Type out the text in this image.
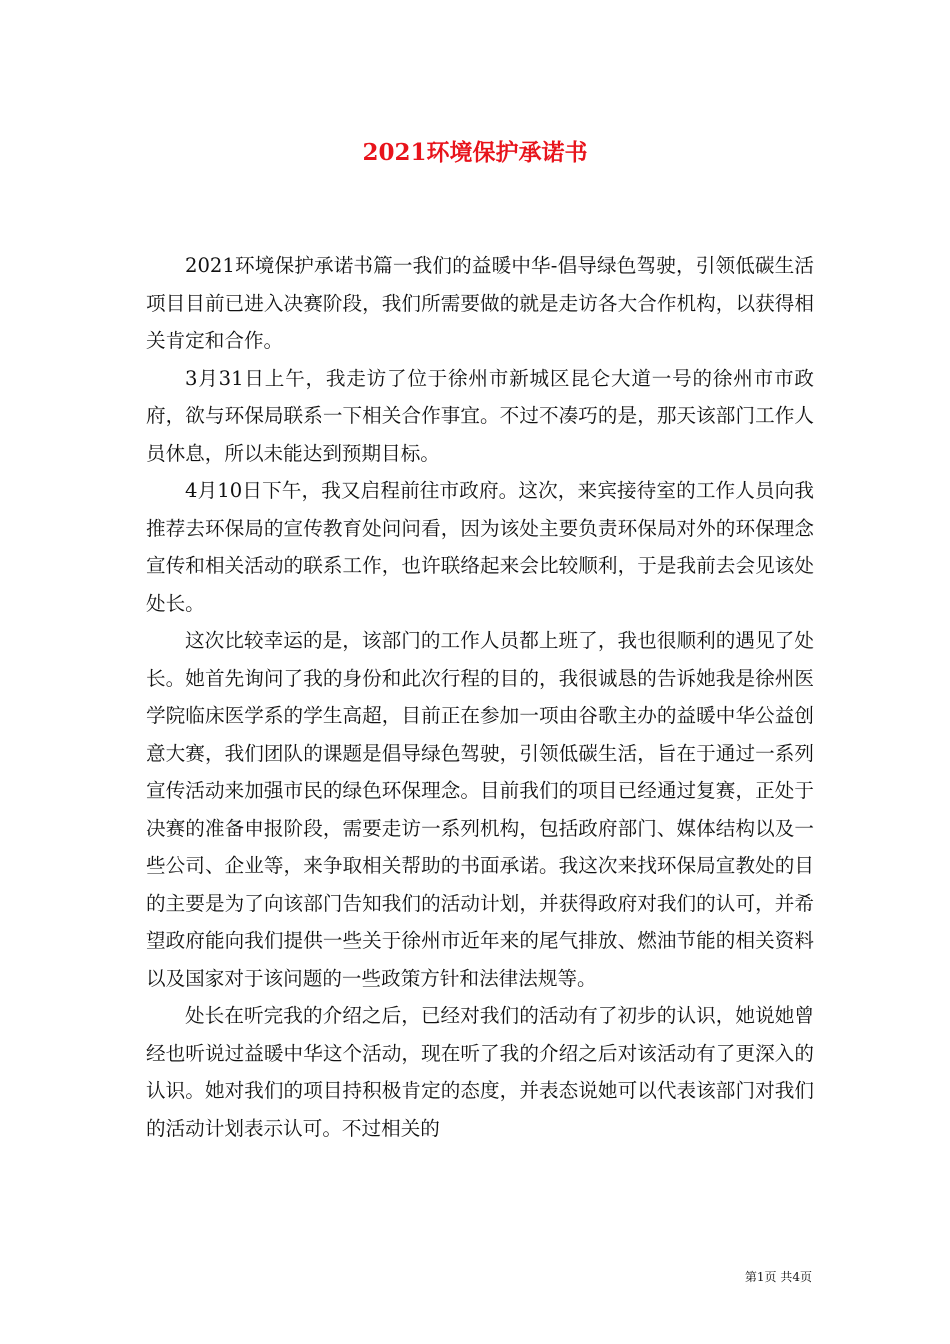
2021环境保护承诺书

2021环境保护承诺书篇一我们的益暖中华-倡导绿色驾驶，引领低碳生活项目目前已进入决赛阶段，我们所需要做的就是走访各大合作机构，以获得相关肯定和合作。

3月31日上午，我走访了位于徐州市新城区昆仑大道一号的徐州市市政府，欲与环保局联系一下相关合作事宜。不过不凑巧的是，那天该部门工作人员休息，所以未能达到预期目标。

4月10日下午，我又启程前往市政府。这次，来宾接待室的工作人员向我推荐去环保局的宣传教育处问问看，因为该处主要负责环保局对外的环保理念宣传和相关活动的联系工作，也许联络起来会比较顺利，于是我前去会见该处处长。

这次比较幸运的是，该部门的工作人员都上班了，我也很顺利的遇见了处长。她首先询问了我的身份和此次行程的目的，我很诚恳的告诉她我是徐州医学院临床医学系的学生高超，目前正在参加一项由谷歌主办的益暖中华公益创意大赛，我们团队的课题是倡导绿色驾驶，引领低碳生活，旨在于通过一系列宣传活动来加强市民的绿色环保理念。目前我们的项目已经通过复赛，正处于决赛的准备申报阶段，需要走访一系列机构，包括政府部门、媒体结构以及一些公司、企业等，来争取相关帮助的书面承诺。我这次来找环保局宣教处的目的主要是为了向该部门告知我们的活动计划，并获得政府对我们的认可，并希望政府能向我们提供一些关于徐州市近年来的尾气排放、燃油节能的相关资料以及国家对于该问题的一些政策方针和法律法规等。

处长在听完我的介绍之后，已经对我们的活动有了初步的认识，她说她曾经也听说过益暖中华这个活动，现在听了我的介绍之后对该活动有了更深入的认识。她对我们的项目持积极肯定的态度，并表态说她可以代表该部门对我们的活动计划表示认可。不过相关的

第1页 共4页
